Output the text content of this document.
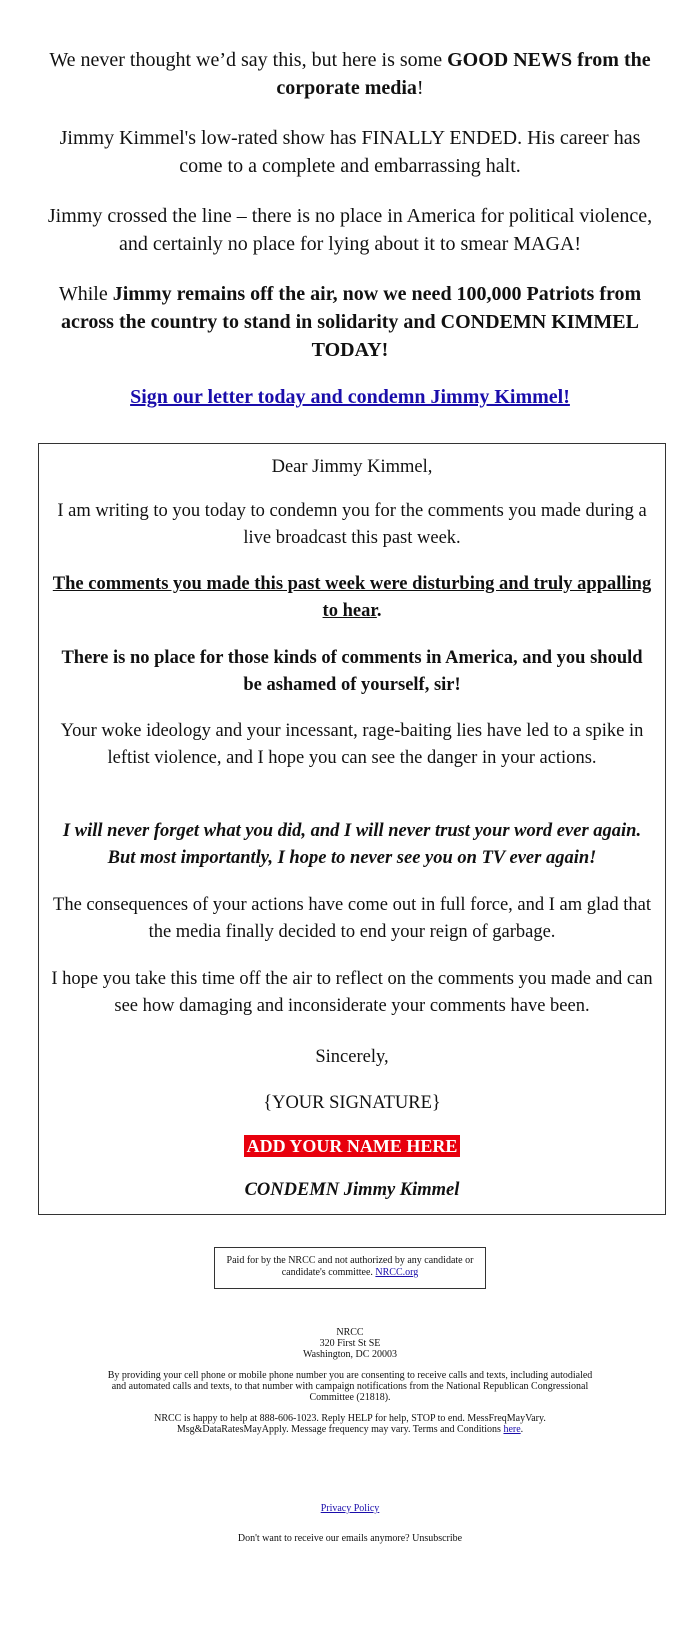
We never thought we’d say this, but here is some GOOD NEWS from the corporate media!

Jimmy Kimmel's low-rated show has FINALLY ENDED. His career has come to a complete and embarrassing halt.

Jimmy crossed the line – there is no place in America for political violence, and certainly no place for lying about it to smear MAGA!

While Jimmy remains off the air, now we need 100,000 Patriots from across the country to stand in solidarity and CONDEMN KIMMEL TODAY!

Sign our letter today and condemn Jimmy Kimmel!
Dear Jimmy Kimmel,
I am writing to you today to condemn you for the comments you made during a live broadcast this past week.
The comments you made this past week were disturbing and truly appalling to hear.
There is no place for those kinds of comments in America, and you should be ashamed of yourself, sir!
Your woke ideology and your incessant, rage-baiting lies have led to a spike in leftist violence, and I hope you can see the danger in your actions.
I will never forget what you did, and I will never trust your word ever again. But most importantly, I hope to never see you on TV ever again!
The consequences of your actions have come out in full force, and I am glad that the media finally decided to end your reign of garbage.
I hope you take this time off the air to reflect on the comments you made and can see how damaging and inconsiderate your comments have been.
Sincerely,
{YOUR SIGNATURE}
ADD YOUR NAME HERE
CONDEMN Jimmy Kimmel
Paid for by the NRCC and not authorized by any candidate or candidate's committee. NRCC.org
NRCC
320 First St SE
Washington, DC 20003
By providing your cell phone or mobile phone number you are consenting to receive calls and texts, including autodialed and automated calls and texts, to that number with campaign notifications from the National Republican Congressional Committee (21818).
NRCC is happy to help at 888-606-1023. Reply HELP for help, STOP to end. MessFreqMayVary. Msg&DataRatesMayApply. Message frequency may vary. Terms and Conditions here.
Privacy Policy
Don't want to receive our emails anymore? Unsubscribe
